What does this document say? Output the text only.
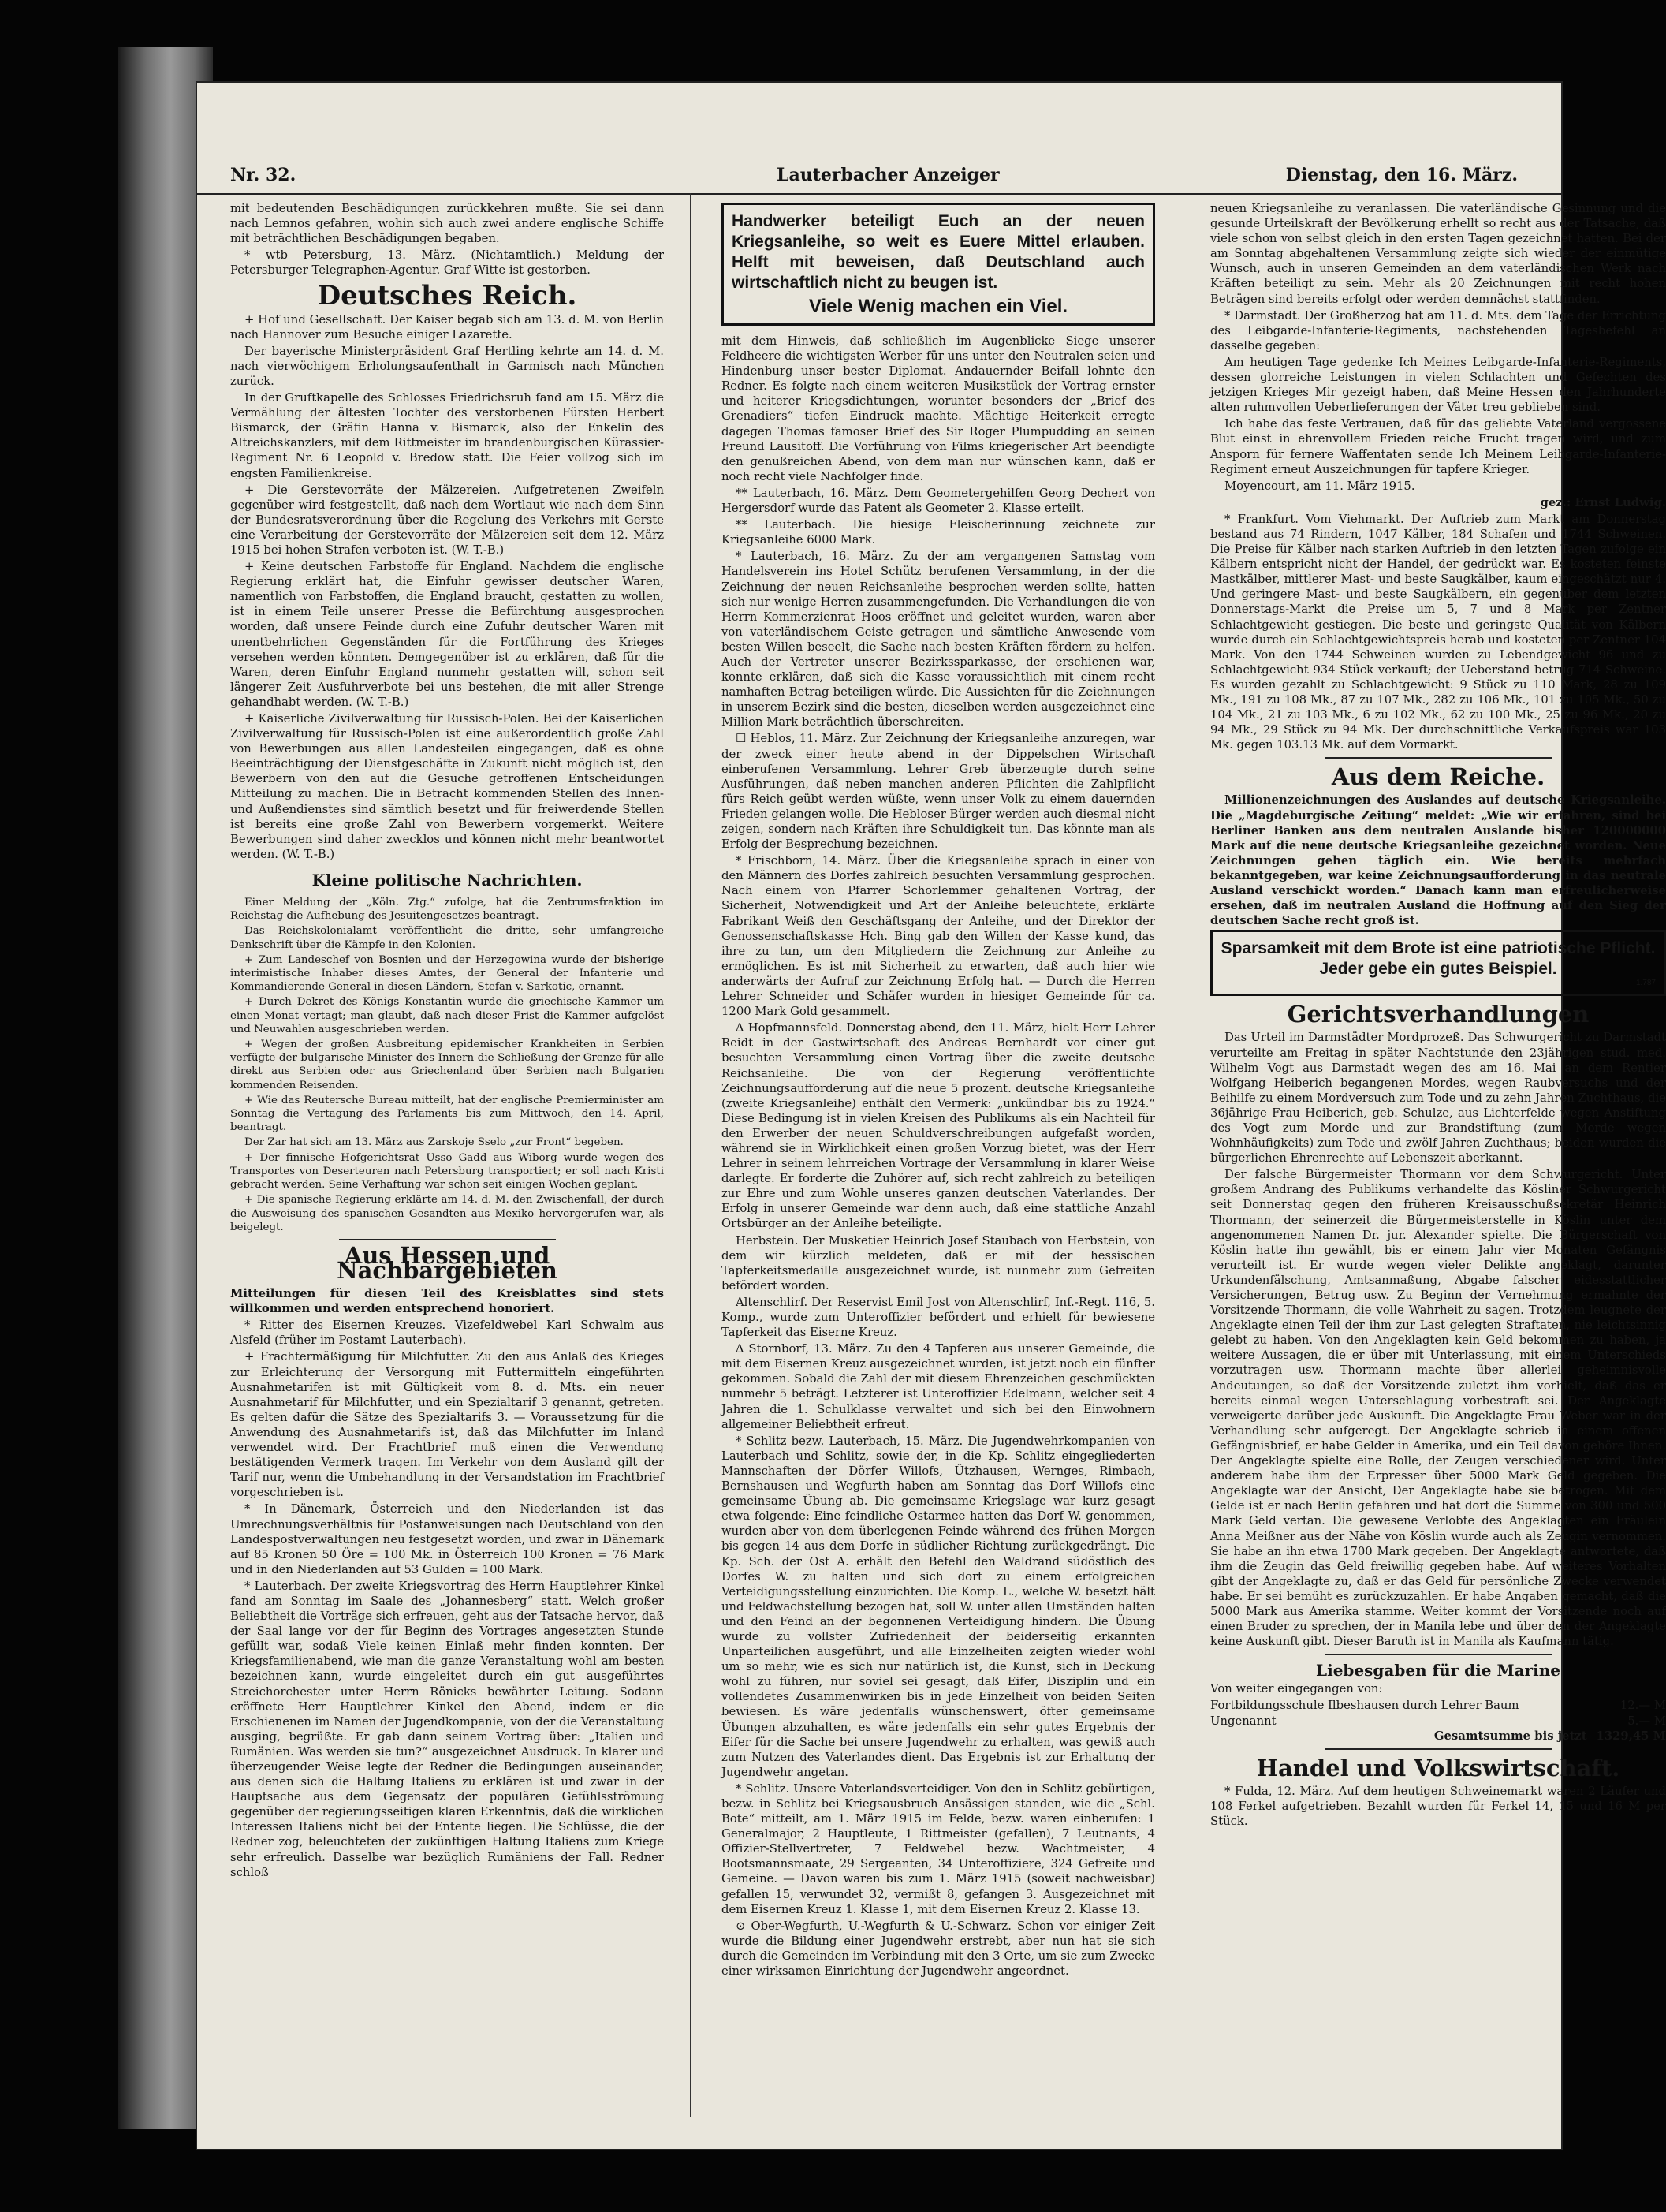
Nr. 32.	Lauterbacher Anzeiger	Dienstag, den 16. März.

mit bedeutenden Beschädigungen zurückkehren mußte. Sie sei dann nach Lemnos gefahren, wohin sich auch zwei andere englische Schiffe mit beträchtlichen Beschädigungen begaben.

* wtb Petersburg, 13. März. (Nichtamtlich.) Meldung der Petersburger Telegraphen-Agentur. Graf Witte ist gestorben.

Deutsches Reich.

+ Hof und Gesellschaft. Der Kaiser begab sich am 13. d. M. von Berlin nach Hannover zum Besuche einiger Lazarette.

Der bayerische Ministerpräsident Graf Hertling kehrte am 14. d. M. nach vierwöchigem Erholungsaufenthalt in Garmisch nach München zurück.

In der Gruftkapelle des Schlosses Friedrichsruh fand am 15. März die Vermählung der ältesten Tochter des verstorbenen Fürsten Herbert Bismarck, der Gräfin Hanna v. Bismarck, also der Enkelin des Altreichskanzlers, mit dem Rittmeister im brandenburgischen Kürassier-Regiment Nr. 6 Leopold v. Bredow statt. Die Feier vollzog sich im engsten Familienkreise.

+ Die Gerstevorräte der Mälzereien. Aufgetretenen Zweifeln gegenüber wird festgestellt, daß nach dem Wortlaut wie nach dem Sinn der Bundesratsverordnung über die Regelung des Verkehrs mit Gerste eine Verarbeitung der Gerstevorräte der Mälzereien seit dem 12. März 1915 bei hohen Strafen verboten ist. (W. T.-B.)

+ Keine deutschen Farbstoffe für England. Nachdem die englische Regierung erklärt hat, die Einfuhr gewisser deutscher Waren, namentlich von Farbstoffen, die England braucht, gestatten zu wollen, ist in einem Teile unserer Presse die Befürchtung ausgesprochen worden, daß unsere Feinde durch eine Zufuhr deutscher Waren mit unentbehrlichen Gegenständen für die Fortführung des Krieges versehen werden könnten. Demgegenüber ist zu erklären, daß für die Waren, deren Einfuhr England nunmehr gestatten will, schon seit längerer Zeit Ausfuhrverbote bei uns bestehen, die mit aller Strenge gehandhabt werden. (W. T.-B.)

+ Kaiserliche Zivilverwaltung für Russisch-Polen. Bei der Kaiserlichen Zivilverwaltung für Russisch-Polen ist eine außerordentlich große Zahl von Bewerbungen aus allen Landesteilen eingegangen, daß es ohne Beeinträchtigung der Dienstgeschäfte in Zukunft nicht möglich ist, den Bewerbern von den auf die Gesuche getroffenen Entscheidungen Mitteilung zu machen. Die in Betracht kommenden Stellen des Innen- und Außendienstes sind sämtlich besetzt und für freiwerdende Stellen ist bereits eine große Zahl von Bewerbern vorgemerkt. Weitere Bewerbungen sind daher zwecklos und können nicht mehr beantwortet werden. (W. T.-B.)

Kleine politische Nachrichten.

Einer Meldung der „Köln. Ztg.“ zufolge, hat die Zentrumsfraktion im Reichstag die Aufhebung des Jesuitengesetzes beantragt.

Das Reichskolonialamt veröffentlicht die dritte, sehr umfangreiche Denkschrift über die Kämpfe in den Kolonien.

+ Zum Landeschef von Bosnien und der Herzegowina wurde der bisherige interimistische Inhaber dieses Amtes, der General der Infanterie und Kommandierende General in diesen Ländern, Stefan v. Sarkotic, ernannt.

+ Durch Dekret des Königs Konstantin wurde die griechische Kammer um einen Monat vertagt; man glaubt, daß nach dieser Frist die Kammer aufgelöst und Neuwahlen ausgeschrieben werden.

+ Wegen der großen Ausbreitung epidemischer Krankheiten in Serbien verfügte der bulgarische Minister des Innern die Schließung der Grenze für alle direkt aus Serbien oder aus Griechenland über Serbien nach Bulgarien kommenden Reisenden.

+ Wie das Reutersche Bureau mitteilt, hat der englische Premierminister am Sonntag die Vertagung des Parlaments bis zum Mittwoch, den 14. April, beantragt.

Der Zar hat sich am 13. März aus Zarskoje Sselo „zur Front“ begeben.

+ Der finnische Hofgerichtsrat Usso Gadd aus Wiborg wurde wegen des Transportes von Deserteuren nach Petersburg transportiert; er soll nach Kristi gebracht werden. Seine Verhaftung war schon seit einigen Wochen geplant.

+ Die spanische Regierung erklärte am 14. d. M. den Zwischenfall, der durch die Ausweisung des spanischen Gesandten aus Mexiko hervorgerufen war, als beigelegt.

Aus Hessen und Nachbargebieten

Mitteilungen für diesen Teil des Kreisblattes sind stets willkommen und werden entsprechend honoriert.

* Ritter des Eisernen Kreuzes. Vizefeldwebel Karl Schwalm aus Alsfeld (früher im Postamt Lauterbach).

+ Frachtermäßigung für Milchfutter. Zu den aus Anlaß des Krieges zur Erleichterung der Versorgung mit Futtermitteln eingeführten Ausnahmetarifen ist mit Gültigkeit vom 8. d. Mts. ein neuer Ausnahmetarif für Milchfutter, und ein Spezialtarif 3 genannt, getreten. Es gelten dafür die Sätze des Spezialtarifs 3. — Voraussetzung für die Anwendung des Ausnahmetarifs ist, daß das Milchfutter im Inland verwendet wird. Der Frachtbrief muß einen die Verwendung bestätigenden Vermerk tragen. Im Verkehr von dem Ausland gilt der Tarif nur, wenn die Umbehandlung in der Versandstation im Frachtbrief vorgeschrieben ist.

* In Dänemark, Österreich und den Niederlanden ist das Umrechnungsverhältnis für Postanweisungen nach Deutschland von den Landespostverwaltungen neu festgesetzt worden, und zwar in Dänemark auf 85 Kronen 50 Öre = 100 Mk. in Österreich 100 Kronen = 76 Mark und in den Niederlanden auf 53 Gulden = 100 Mark.

* Lauterbach. Der zweite Kriegsvortrag des Herrn Hauptlehrer Kinkel fand am Sonntag im Saale des „Johannesberg“ statt. Welch großer Beliebtheit die Vorträge sich erfreuen, geht aus der Tatsache hervor, daß der Saal lange vor der für Beginn des Vortrages angesetzten Stunde gefüllt war, sodaß Viele keinen Einlaß mehr finden konnten. Der Kriegsfamilienabend, wie man die ganze Veranstaltung wohl am besten bezeichnen kann, wurde eingeleitet durch ein gut ausgeführtes Streichorchester unter Herrn Rönicks bewährter Leitung. Sodann eröffnete Herr Hauptlehrer Kinkel den Abend, indem er die Erschienenen im Namen der Jugendkompanie, von der die Veranstaltung ausging, begrüßte. Er gab dann seinem Vortrag über: „Italien und Rumänien. Was werden sie tun?“ ausgezeichnet Ausdruck. In klarer und überzeugender Weise legte der Redner die Bedingungen auseinander, aus denen sich die Haltung Italiens zu erklären ist und zwar in der Hauptsache aus dem Gegensatz der populären Gefühlsströmung gegenüber der regierungsseitigen klaren Erkenntnis, daß die wirklichen Interessen Italiens nicht bei der Entente liegen. Die Schlüsse, die der Redner zog, beleuchteten der zukünftigen Haltung Italiens zum Kriege sehr erfreulich. Dasselbe war bezüglich Rumäniens der Fall. Redner schloß

Handwerker beteiligt Euch an der neuen Kriegsanleihe, so weit es Euere Mittel erlauben. Helft mit beweisen, daß Deutschland auch wirtschaftlich nicht zu beugen ist.
Viele Wenig machen ein Viel.

mit dem Hinweis, daß schließlich im Augenblicke Siege unserer Feldheere die wichtigsten Werber für uns unter den Neutralen seien und Hindenburg unser bester Diplomat. Andauernder Beifall lohnte den Redner. Es folgte nach einem weiteren Musikstück der Vortrag ernster und heiterer Kriegsdichtungen, worunter besonders der „Brief des Grenadiers“ tiefen Eindruck machte. Mächtige Heiterkeit erregte dagegen Thomas famoser Brief des Sir Roger Plumpudding an seinen Freund Lausitoff. Die Vorführung von Films kriegerischer Art beendigte den genußreichen Abend, von dem man nur wünschen kann, daß er noch recht viele Nachfolger finde.

** Lauterbach, 16. März. Dem Geometergehilfen Georg Dechert von Hergersdorf wurde das Patent als Geometer 2. Klasse erteilt.

** Lauterbach. Die hiesige Fleischerinnung zeichnete zur Kriegsanleihe 6000 Mark.

* Lauterbach, 16. März. Zu der am vergangenen Samstag vom Handelsverein ins Hotel Schütz berufenen Versammlung, in der die Zeichnung der neuen Reichsanleihe besprochen werden sollte, hatten sich nur wenige Herren zusammengefunden. Die Verhandlungen die von Herrn Kommerzienrat Hoos eröffnet und geleitet wurden, waren aber von vaterländischem Geiste getragen und sämtliche Anwesende vom besten Willen beseelt, die Sache nach besten Kräften fördern zu helfen. Auch der Vertreter unserer Bezirkssparkasse, der erschienen war, konnte erklären, daß sich die Kasse voraussichtlich mit einem recht namhaften Betrag beteiligen würde. Die Aussichten für die Zeichnungen in unserem Bezirk sind die besten, dieselben werden ausgezeichnet eine Million Mark beträchtlich überschreiten.

☐ Heblos, 11. März. Zur Zeichnung der Kriegsanleihe anzuregen, war der zweck einer heute abend in der Dippelschen Wirtschaft einberufenen Versammlung. Lehrer Greb überzeugte durch seine Ausführungen, daß neben manchen anderen Pflichten die Zahlpflicht fürs Reich geübt werden wüßte, wenn unser Volk zu einem dauernden Frieden gelangen wolle. Die Hebloser Bürger werden auch diesmal nicht zeigen, sondern nach Kräften ihre Schuldigkeit tun. Das könnte man als Erfolg der Besprechung bezeichnen.

* Frischborn, 14. März. Über die Kriegsanleihe sprach in einer von den Männern des Dorfes zahlreich besuchten Versammlung gesprochen. Nach einem von Pfarrer Schorlemmer gehaltenen Vortrag, der Sicherheit, Notwendigkeit und Art der Anleihe beleuchtete, erklärte Fabrikant Weiß den Geschäftsgang der Anleihe, und der Direktor der Genossenschaftskasse Hch. Bing gab den Willen der Kasse kund, das ihre zu tun, um den Mitgliedern die Zeichnung zur Anleihe zu ermöglichen. Es ist mit Sicherheit zu erwarten, daß auch hier wie anderwärts der Aufruf zur Zeichnung Erfolg hat. — Durch die Herren Lehrer Schneider und Schäfer wurden in hiesiger Gemeinde für ca. 1200 Mark Gold gesammelt.

∆ Hopfmannsfeld. Donnerstag abend, den 11. März, hielt Herr Lehrer Reidt in der Gastwirtschaft des Andreas Bernhardt vor einer gut besuchten Versammlung einen Vortrag über die zweite deutsche Reichsanleihe. Die von der Regierung veröffentlichte Zeichnungsaufforderung auf die neue 5 prozent. deutsche Kriegsanleihe (zweite Kriegsanleihe) enthält den Vermerk: „unkündbar bis zu 1924.“ Diese Bedingung ist in vielen Kreisen des Publikums als ein Nachteil für den Erwerber der neuen Schuldverschreibungen aufgefaßt worden, während sie in Wirklichkeit einen großen Vorzug bietet, was der Herr Lehrer in seinem lehrreichen Vortrage der Versammlung in klarer Weise darlegte. Er forderte die Zuhörer auf, sich recht zahlreich zu beteiligen zur Ehre und zum Wohle unseres ganzen deutschen Vaterlandes. Der Erfolg in unserer Gemeinde war denn auch, daß eine stattliche Anzahl Ortsbürger an der Anleihe beteiligte.

Herbstein. Der Musketier Heinrich Josef Staubach von Herbstein, von dem wir kürzlich meldeten, daß er mit der hessischen Tapferkeitsmedaille ausgezeichnet wurde, ist nunmehr zum Gefreiten befördert worden.

Altenschlirf. Der Reservist Emil Jost von Altenschlirf, Inf.-Regt. 116, 5. Komp., wurde zum Unteroffizier befördert und erhielt für bewiesene Tapferkeit das Eiserne Kreuz.

∆ Stornborf, 13. März. Zu den 4 Tapferen aus unserer Gemeinde, die mit dem Eisernen Kreuz ausgezeichnet wurden, ist jetzt noch ein fünfter gekommen. Sobald die Zahl der mit diesem Ehrenzeichen geschmückten nunmehr 5 beträgt. Letzterer ist Unteroffizier Edelmann, welcher seit 4 Jahren die 1. Schulklasse verwaltet und sich bei den Einwohnern allgemeiner Beliebtheit erfreut.

* Schlitz bezw. Lauterbach, 15. März. Die Jugendwehrkompanien von Lauterbach und Schlitz, sowie der, in die Kp. Schlitz eingegliederten Mannschaften der Dörfer Willofs, Ützhausen, Wernges, Rimbach, Bernshausen und Wegfurth haben am Sonntag das Dorf Willofs eine gemeinsame Übung ab. Die gemeinsame Kriegslage war kurz gesagt etwa folgende: Eine feindliche Ostarmee hatten das Dorf W. genommen, wurden aber von dem überlegenen Feinde während des frühen Morgen bis gegen 14 aus dem Dorfe in südlicher Richtung zurückgedrängt. Die Kp. Sch. der Ost A. erhält den Befehl den Waldrand südöstlich des Dorfes W. zu halten und sich dort zu einem erfolgreichen Verteidigungsstellung einzurichten. Die Komp. L., welche W. besetzt hält und Feldwachstellung bezogen hat, soll W. unter allen Umständen halten und den Feind an der begonnenen Verteidigung hindern. Die Übung wurde zu vollster Zufriedenheit der beiderseitig erkannten Unparteilichen ausgeführt, und alle Einzelheiten zeigten wieder wohl um so mehr, wie es sich nur natürlich ist, die Kunst, sich in Deckung wohl zu führen, nur soviel sei gesagt, daß Eifer, Disziplin und ein vollendetes Zusammenwirken bis in jede Einzelheit von beiden Seiten bewiesen. Es wäre jedenfalls wünschenswert, öfter gemeinsame Übungen abzuhalten, es wäre jedenfalls ein sehr gutes Ergebnis der Eifer für die Sache bei unsere Jugendwehr zu erhalten, was gewiß auch zum Nutzen des Vaterlandes dient. Das Ergebnis ist zur Erhaltung der Jugendwehr angetan.

* Schlitz. Unsere Vaterlandsverteidiger. Von den in Schlitz gebürtigen, bezw. in Schlitz bei Kriegsausbruch Ansässigen standen, wie die „Schl. Bote“ mitteilt, am 1. März 1915 im Felde, bezw. waren einberufen: 1 Generalmajor, 2 Hauptleute, 1 Rittmeister (gefallen), 7 Leutnants, 4 Offizier-Stellvertreter, 7 Feldwebel bezw. Wachtmeister, 4 Bootsmannsmaate, 29 Sergeanten, 34 Unteroffiziere, 324 Gefreite und Gemeine. — Davon waren bis zum 1. März 1915 (soweit nachweisbar) gefallen 15, verwundet 32, vermißt 8, gefangen 3. Ausgezeichnet mit dem Eisernen Kreuz 1. Klasse 1, mit dem Eisernen Kreuz 2. Klasse 13.

⊙ Ober-Wegfurth, U.-Wegfurth & U.-Schwarz. Schon vor einiger Zeit wurde die Bildung einer Jugendwehr erstrebt, aber nun hat sie sich durch die Gemeinden im Verbindung mit den 3 Orte, um sie zum Zwecke einer wirksamen Einrichtung der Jugendwehr angeordnet.

neuen Kriegsanleihe zu veranlassen. Die vaterländische Gesinnung und die gesunde Urteilskraft der Bevölkerung erhellt so recht aus der Tatsache, daß viele schon von selbst gleich in den ersten Tagen gezeichnet hatten. Bei der am Sonntag abgehaltenen Versammlung zeigte sich wieder der einmütige Wunsch, auch in unseren Gemeinden an dem vaterländischen Werk nach Kräften beteiligt zu sein. Mehr als 20 Zeichnungen mit recht hohen Beträgen sind bereits erfolgt oder werden demnächst stattfinden.

* Darmstadt. Der Großherzog hat am 11. d. Mts. dem Tage der Errichtung des Leibgarde-Infanterie-Regiments, nachstehenden Tagesbefehl an dasselbe gegeben:

Am heutigen Tage gedenke Ich Meines Leibgarde-Infanterie-Regiments, dessen glorreiche Leistungen in vielen Schlachten und Gefechten des jetzigen Krieges Mir gezeigt haben, daß Meine Hessen den Jahrhunderte alten ruhmvollen Ueberlieferungen der Väter treu geblieben sind.

Ich habe das feste Vertrauen, daß für das geliebte Vaterland vergossene Blut einst in ehrenvollem Frieden reiche Frucht tragen wird, und zum Ansporn für fernere Waffentaten sende Ich Meinem Leibgarde-Infanterie-Regiment erneut Auszeichnungen für tapfere Krieger.

Moyencourt, am 11. März 1915.

gez.: Ernst Ludwig.

* Frankfurt. Vom Viehmarkt. Der Auftrieb zum Markt am Donnerstag bestand aus 74 Rindern, 1047 Kälber, 184 Schafen und 1744 Schweinen. Die Preise für Kälber nach starken Auftrieb in den letzten Tagen zufolge ein Kälbern entspricht nicht der Handel, der gedrückt war. Es kosteten feinste Mastkälber, mittlerer Mast- und beste Saugkälber, kaum eingeschätzt nur 4. Und geringere Mast- und beste Saugkälbern, ein gegenüber dem letzten Donnerstags-Markt die Preise um 5, 7 und 8 Mark per Zentner Schlachtgewicht gestiegen. Die beste und geringste Qualität von Kälbern wurde durch ein Schlachtgewichtspreis herab und kosteten per Zentner 104 Mark. Von den 1744 Schweinen wurden zu Lebendgewicht 96 und zu Schlachtgewicht 934 Stück verkauft; der Ueberstand betrug 714 Schweine. Es wurden gezahlt zu Schlachtgewicht: 9 Stück zu 110 Mark, 28 zu 109 Mk., 191 zu 108 Mk., 87 zu 107 Mk., 282 zu 106 Mk., 101 zu 105 Mk., 50 zu 104 Mk., 21 zu 103 Mk., 6 zu 102 Mk., 62 zu 100 Mk., 25 zu 96 Mk., 20 zu 94 Mk., 29 Stück zu 94 Mk. Der durchschnittliche Verkaufspreis war 103 Mk. gegen 103.13 Mk. auf dem Vormarkt.

Aus dem Reiche.

Millionenzeichnungen des Auslandes auf deutsche Kriegsanleihe. Die „Magdeburgische Zeitung“ meldet: „Wie wir erfahren, sind bei Berliner Banken aus dem neutralen Auslande bisher 120000000 Mark auf die neue deutsche Kriegsanleihe gezeichnet worden. Neue Zeichnungen gehen täglich ein. Wie bereits mehrfach bekanntgegeben, war keine Zeichnungsaufforderung in das neutrale Ausland verschickt worden.“ Danach kann man erfreulicherweise ersehen, daß im neutralen Ausland die Hoffnung auf den Sieg der deutschen Sache recht groß ist.

Sparsamkeit mit dem Brote ist eine patriotische Pflicht. Jeder gebe ein gutes Beispiel.
1.787
Gerichtsverhandlungen

Das Urteil im Darmstädter Mordprozeß. Das Schwurgericht zu Darmstadt verurteilte am Freitag in später Nachtstunde den 23jährigen stud. med. Wilhelm Vogt aus Darmstadt wegen des am 16. Mai an dem Rentier Wolfgang Heiberich begangenen Mordes, wegen Raubversuchs und der Beihilfe zu einem Mordversuch zum Tode und zu zehn Jahren Zuchthaus, die 36jährige Frau Heiberich, geb. Schulze, aus Lichterfelde wegen Anstiftung des Vogt zum Morde und zur Brandstiftung (zum Morde wegen Wohnhäufigkeits) zum Tode und zwölf Jahren Zuchthaus; beiden wurden die bürgerlichen Ehrenrechte auf Lebenszeit aberkannt.

Der falsche Bürgermeister Thormann vor dem Schwurgericht. Unter großem Andrang des Publikums verhandelte das Kösliner Schwurgericht seit Donnerstag gegen den früheren Kreisausschußsekretär Heinrich Thormann, der seinerzeit die Bürgermeisterstelle in Köslin unter dem angenommenen Namen Dr. jur. Alexander spielte. Die Bürgerschaft von Köslin hatte ihn gewählt, bis er einem Jahr vier Monaten Gefängnis verurteilt ist. Er wurde wegen vieler Delikte angeklagt, darunter Urkundenfälschung, Amtsanmaßung, Abgabe falscher eidesstattlicher Versicherungen, Betrug usw. Zu Beginn der Vernehmung ermahnte der Vorsitzende Thormann, die volle Wahrheit zu sagen. Trotzdem leugnete der Angeklagte einen Teil der ihm zur Last gelegten Straftaten, nie leichtsinnig gelebt zu haben. Von den Angeklagten kein Geld bekommen zu haben, ja weitere Aussagen, die er über mit Unterlassung, mit einem Unterschieds vorzutragen usw. Thormann machte über allerlei geheimnisvolle Andeutungen, so daß der Vorsitzende zuletzt ihm vorhielt, daß das er bereits einmal wegen Unterschlagung vorbestraft sei. Der Angeklagte verweigerte darüber jede Auskunft. Die Angeklagte Frau Weber war in der Verhandlung sehr aufgeregt. Der Angeklagte schrieb in einem offenen Gefängnisbrief, er habe Gelder in Amerika, und ein Teil davon gehöre Ihnen. Der Angeklagte spielte eine Rolle, der Zeugen verschiedener wird. Unter anderem habe ihm der Erpresser über 5000 Mark Geld gegeben. Die Angeklagte war der Ansicht, Der Angeklagte habe sie betrogen. Mit dem Gelde ist er nach Berlin gefahren und hat dort die Summe von 300 und 500 Mark Geld vertan. Die gewesene Verlobte des Angeklagten ein Fräulein Anna Meißner aus der Nähe von Köslin wurde auch als Zeugin vernommen. Sie habe an ihn etwa 1700 Mark gegeben. Der Angeklagte antwortete, daß ihm die Zeugin das Geld freiwillig gegeben habe. Auf weiteres Vorhalten gibt der Angeklagte zu, daß er das Geld für persönliche Zwecke verwendet habe. Er sei bemüht es zurückzuzahlen. Er habe Angaben gemacht, daß die 5000 Mark aus Amerika stamme. Weiter kommt der Vorsitzende noch auf einen Bruder zu sprechen, der in Manila lebe und über den der Angeklagte keine Auskunft gibt. Dieser Baruth ist in Manila als Kaufmann tätig.

Liebesgaben für die Marine

Von weiter eingegangen von:

Fortbildungsschule Ilbeshausen durch Lehrer Baum	12.— M
Ungenannt	5.— M
Gesamtsumme bis jetzt 1329,45 M
Handel und Volkswirtschaft.

* Fulda, 12. März. Auf dem heutigen Schweinemarkt waren 2 Läufer und 108 Ferkel aufgetrieben. Bezahlt wurden für Ferkel 14, 15 und 16 M per Stück.
